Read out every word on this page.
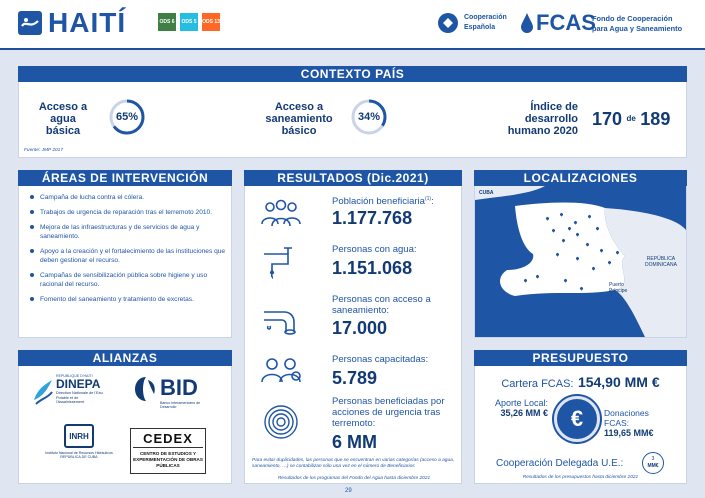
HAITÍ	ODS 6	ODS 5	ODS 13
Cooperación
Española FCAS
Fondo de Cooperación
para Agua y Saneamiento
CONTEXTO PAÍS
Acceso a
agua
básica
65%
Acceso a
saneamiento
básico
34%
Índice de
desarrollo
humano 2020
170 $^{de}$ 189
Fuente: JMP 2017
ÁREAS DE INTERVENCIÓN
Campaña de lucha contra el cólera.
Trabajos de urgencia de reparación tras el terremoto 2010.
Mejora de las infraestructuras y de servicios de agua y saneamiento.
Apoyo a la creación y el fortalecimiento de las instituciones que deben gestionar el recurso.
Campañas de sensibilización pública sobre higiene y uso racional del recurso.
Fomento del saneamiento y tratamiento de excretas.
ALIANZAS
REPUBLIQUE D'HAITI
DINEPA
Direction Nationale de l'Eau Potable et de l'Assainissement
BID
Banco Interamericano de Desarrollo
INRH
Instituto Nacional de Recursos Hidráulicos
REPÚBLICA DE CUBA
CEDEX
CENTRO DE ESTUDIOS Y EXPERIMENTACIÓN DE OBRAS PÚBLICAS
RESULTADOS (Dic.2021)
Población beneficiaria$^{(1)}$:
1.177.768
Personas con agua:
1.151.068
Personas con acceso a saneamiento:
17.000
Personas capacitadas:
5.789
Personas beneficiadas por acciones de urgencia tras terremoto:
6 MM
Para evitar duplicidades, las personas que se encuentran en varias categorías (acceso a agua, saneamiento, …) se contabilizan sólo una vez en el número de Beneficiarios
Resultados de los programas del Fondo del Agua hasta diciembre 2021
LOCALIZACIONES
CUBA
REPÚBLICA
DOMINICANA
Puerto
Príncipe
PRESUPUESTO
Cartera FCAS: 154,90 MM €
Aporte Local:
35,26 MM € € Donaciones
FCAS:
119,65 MM€
Cooperación Delegada U.E.:	3
MM€
Resultados de los presupuestos hasta diciembre 2021
29
